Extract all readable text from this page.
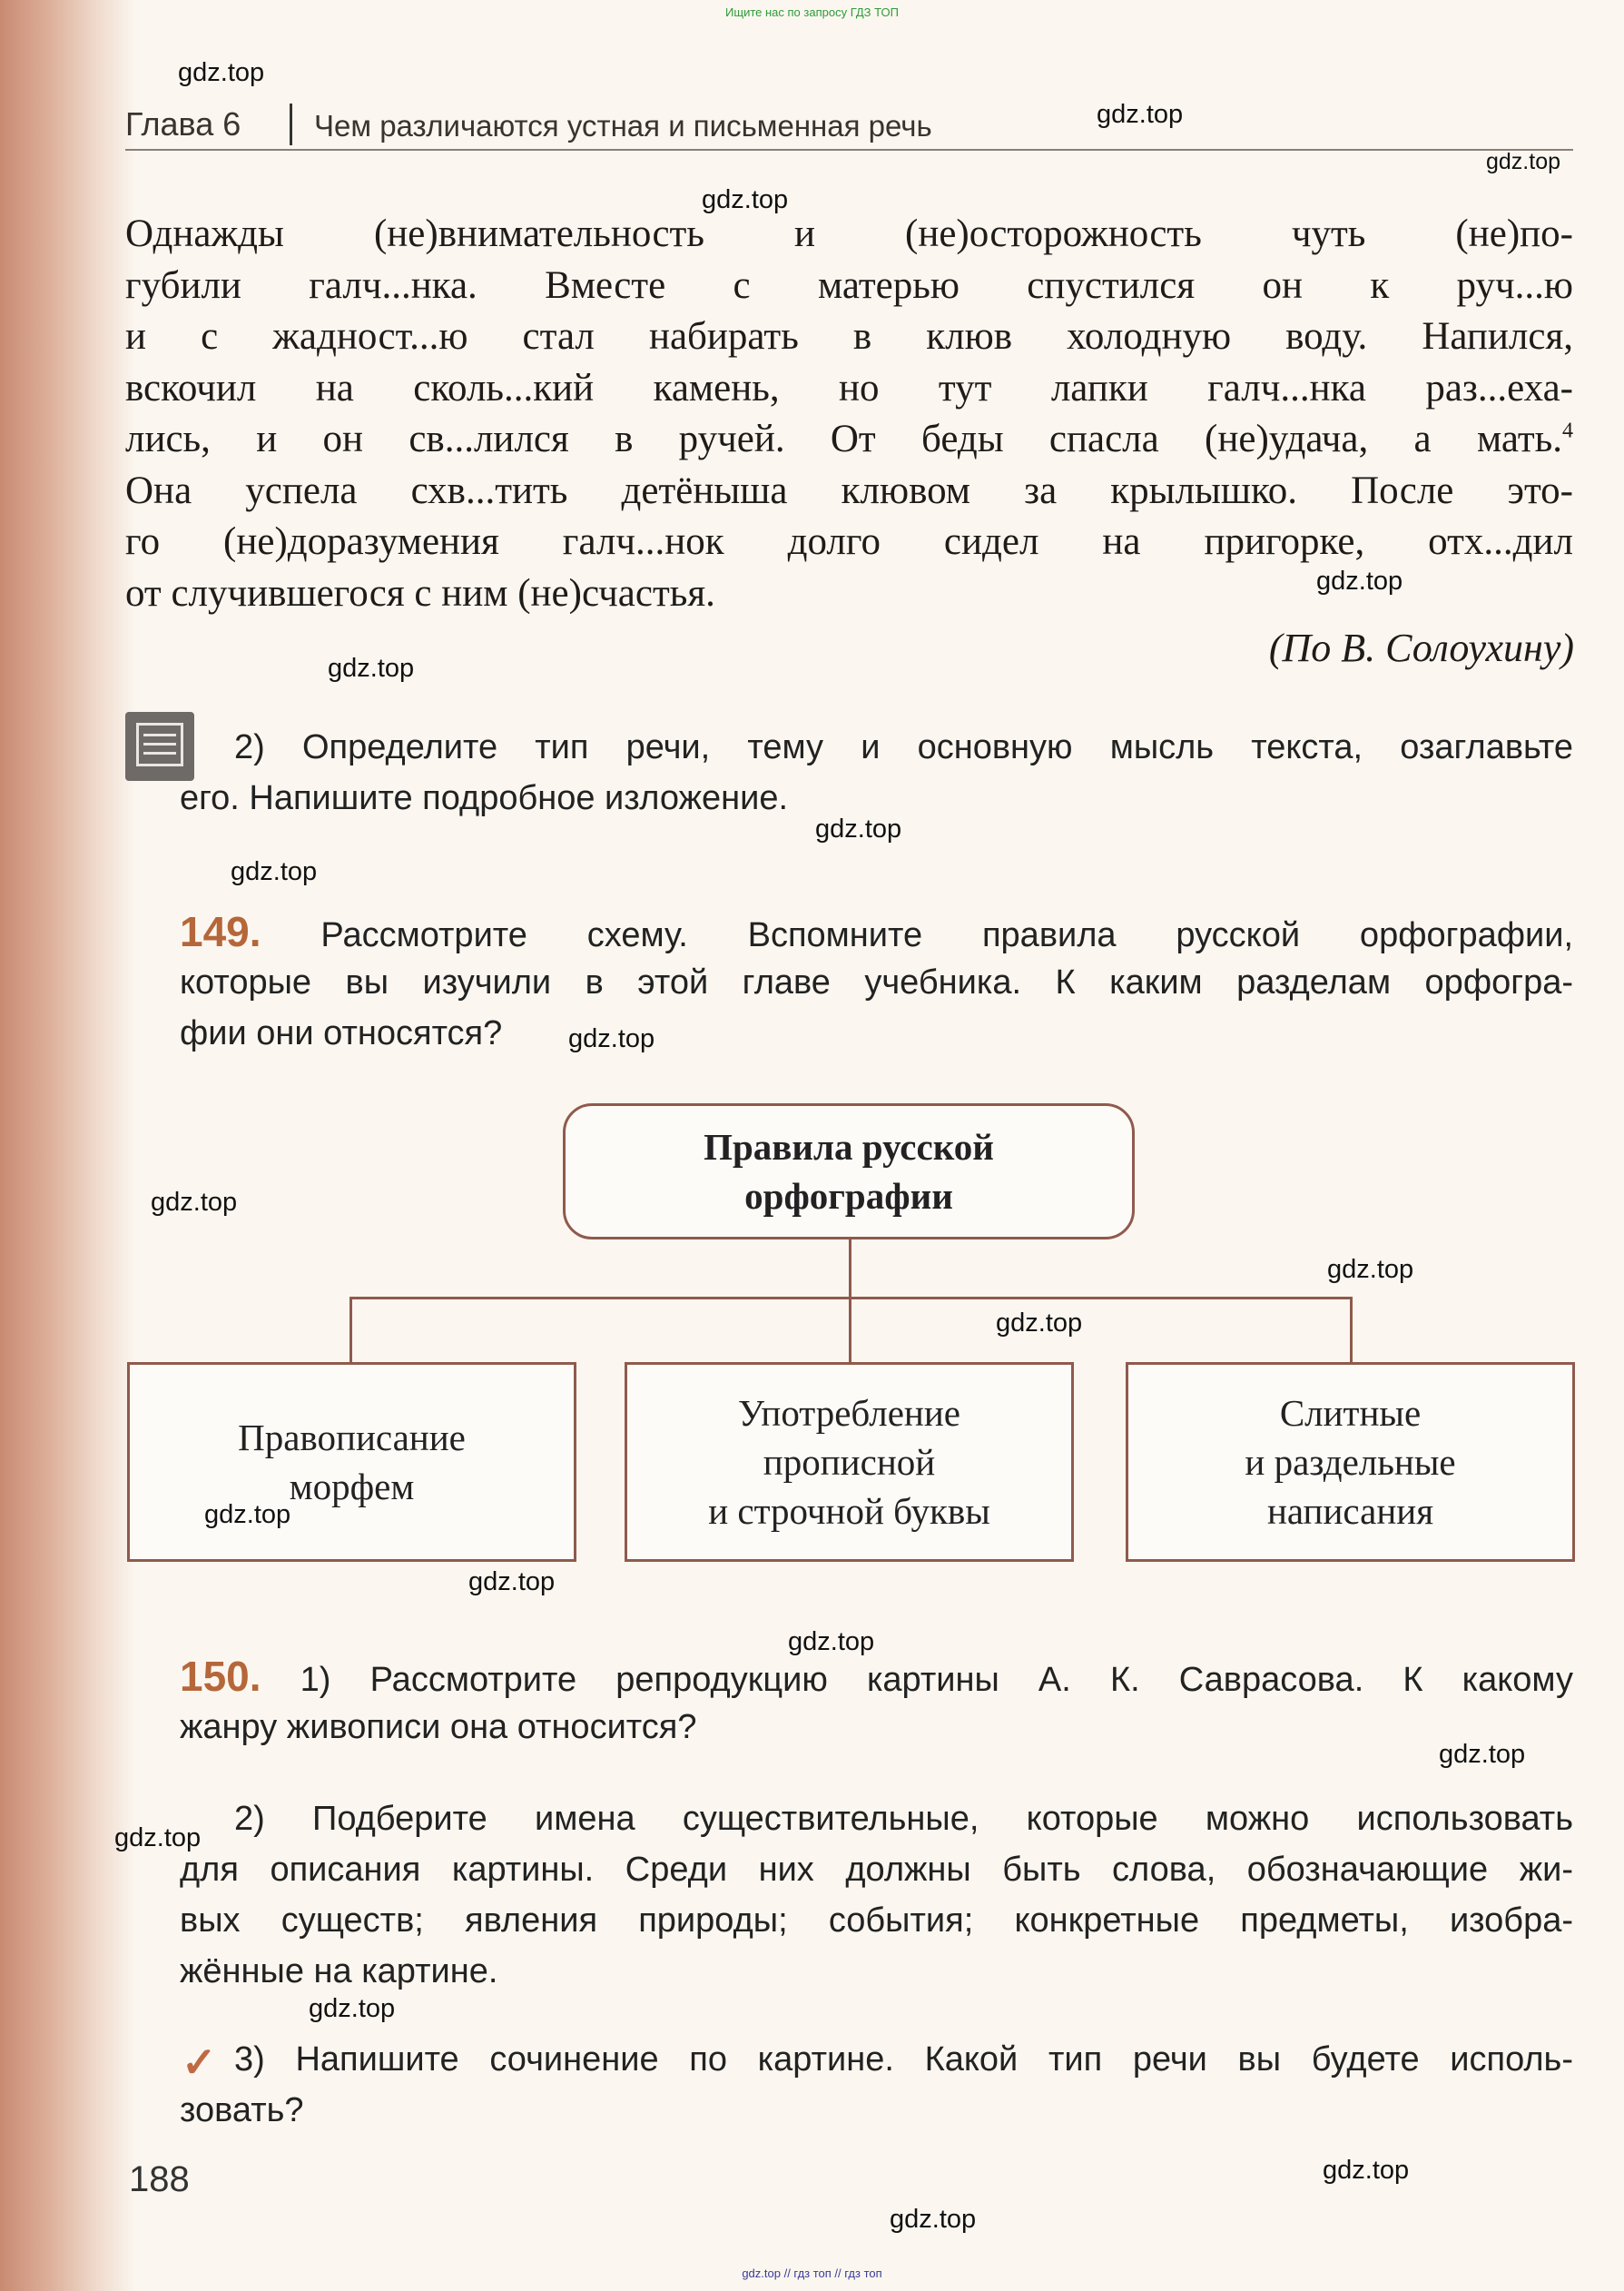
Ищите нас по запросу ГДЗ ТОП
Глава 6 Чем различаются устная и письменная речь
Однажды (не)внимательность и (не)осторожность чуть (не)по-
губили галч...нка. Вместе с матерью спустился он к руч...ю
и с жадност...ю стал набирать в клюв холодную воду. Напился,
вскочил на сколь...кий камень, но тут лапки галч...нка раз...еха-
лись, и он св...лился в ручей. От беды спасла (не)удача, а мать.$^4$
Она успела схв...тить детёныша клювом за крылышко. После это-
го (не)доразумения галч...нок долго сидел на пригорке, отх...дил
от случившегося с ним (не)счастья.
(По В. Солоухину)
2) Определите тип речи, тему и основную мысль текста, озаглавьте
его. Напишите подробное изложение.
149. Рассмотрите схему. Вспомните правила русской орфографии,
которые вы изучили в этой главе учебника. К каким разделам орфогра-
фии они относятся?
Правила русской
орфографии
Правописание
морфем
Употребление
прописной
и строчной буквы
Слитные
и раздельные
написания
150. 1) Рассмотрите репродукцию картины А. К. Саврасова. К какому
жанру живописи она относится?
2) Подберите имена существительные, которые можно использовать
для описания картины. Среди них должны быть слова, обозначающие жи-
вых существ; явления природы; события; конкретные предметы, изобра-
жённые на картине.
✓ 3) Напишите сочинение по картине. Какой тип речи вы будете исполь-
зовать?
188
gdz.top
gdz.top
gdz.top
gdz.top
gdz.top
gdz.top
gdz.top
gdz.top
gdz.top
gdz.top
gdz.top
gdz.top
gdz.top
gdz.top
gdz.top
gdz.top
gdz.top
gdz.top
gdz.top
gdz.top
gdz.top // гдз топ // гдз топ
